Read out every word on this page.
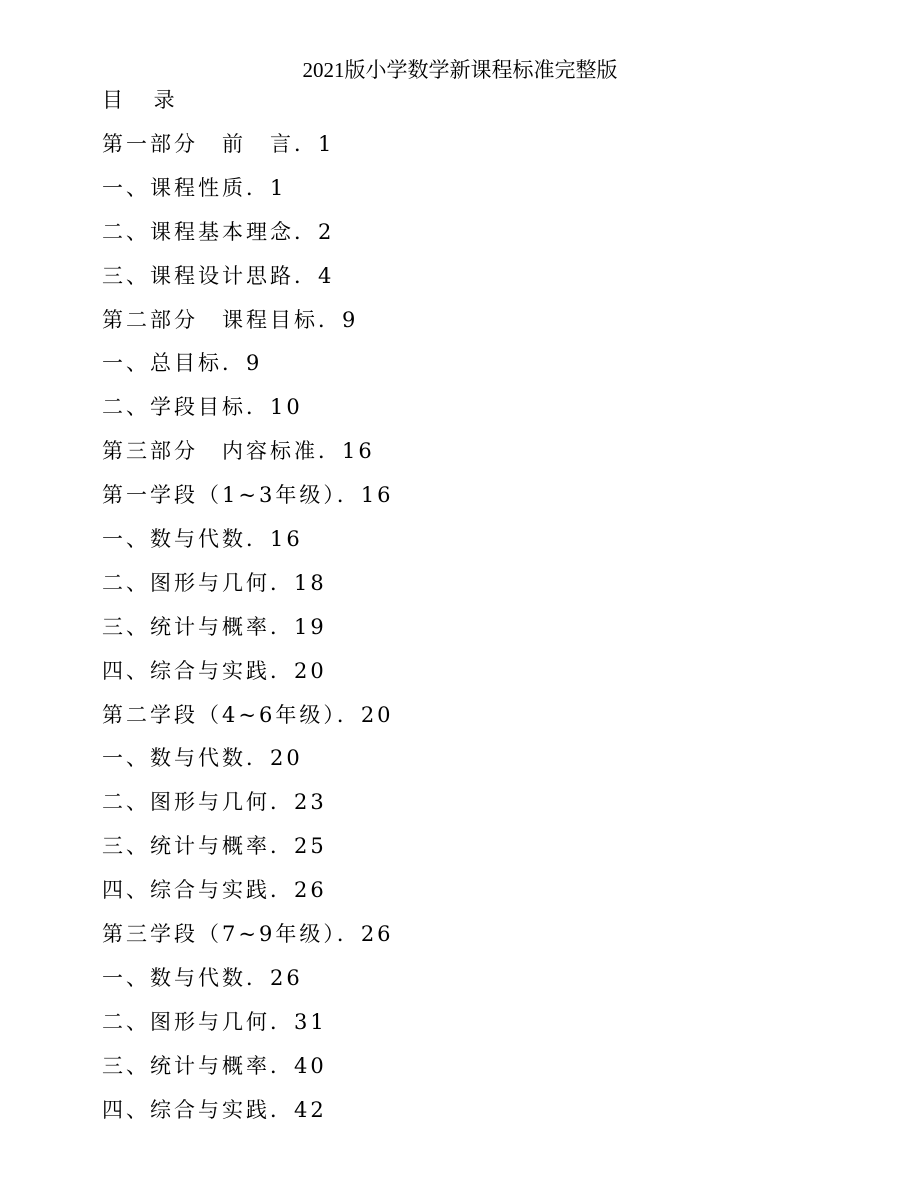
2021版小学数学新课程标准完整版
目 录
第一部分　前　言．1
一、课程性质．1
二、课程基本理念．2
三、课程设计思路．4
第二部分　课程目标．9
一、总目标．9
二、学段目标．10
第三部分　内容标准．16
第一学段（1~3年级）．16
一、数与代数．16
二、图形与几何．18
三、统计与概率．19
四、综合与实践．20
第二学段（4~6年级）．20
一、数与代数．20
二、图形与几何．23
三、统计与概率．25
四、综合与实践．26
第三学段（7~9年级）．26
一、数与代数．26
二、图形与几何．31
三、统计与概率．40
四、综合与实践．42
